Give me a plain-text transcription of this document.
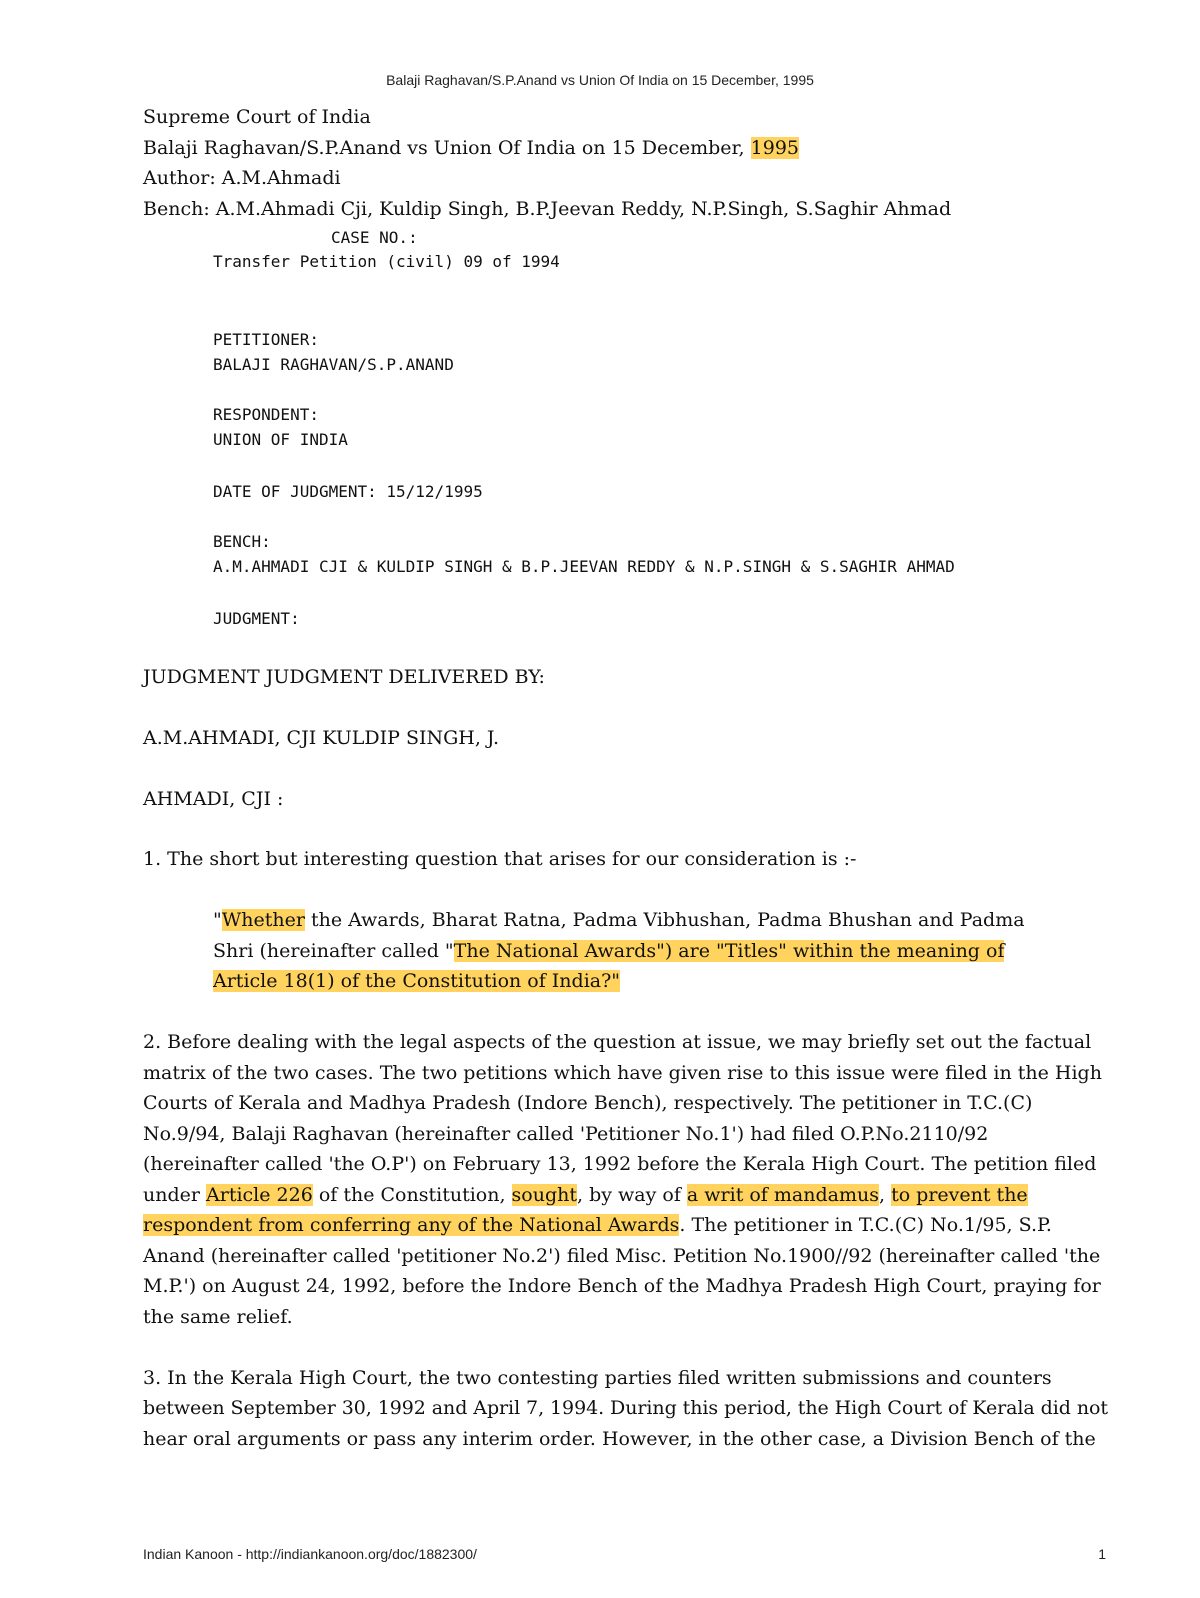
Balaji Raghavan/S.P.Anand vs Union Of India on 15 December, 1995
Supreme Court of India
Balaji Raghavan/S.P.Anand vs Union Of India on 15 December, 1995
Author: A.M.Ahmadi
Bench: A.M.Ahmadi Cji, Kuldip Singh, B.P.Jeevan Reddy, N.P.Singh, S.Saghir Ahmad
CASE NO.:
Transfer Petition (civil) 09 of 1994
PETITIONER:
BALAJI RAGHAVAN/S.P.ANAND
RESPONDENT:
UNION OF INDIA
DATE OF JUDGMENT: 15/12/1995
BENCH:
A.M.AHMADI CJI & KULDIP SINGH & B.P.JEEVAN REDDY & N.P.SINGH & S.SAGHIR AHMAD
JUDGMENT:
JUDGMENT JUDGMENT DELIVERED BY:
A.M.AHMADI, CJI KULDIP SINGH, J.
AHMADI, CJI :
1. The short but interesting question that arises for our consideration is :-
"Whether the Awards, Bharat Ratna, Padma Vibhushan, Padma Bhushan and Padma
Shri (hereinafter called "The National Awards") are "Titles" within the meaning of
Article 18(1) of the Constitution of India?"
2. Before dealing with the legal aspects of the question at issue, we may briefly set out the factual
matrix of the two cases. The two petitions which have given rise to this issue were filed in the High
Courts of Kerala and Madhya Pradesh (Indore Bench), respectively. The petitioner in T.C.(C)
No.9/94, Balaji Raghavan (hereinafter called 'Petitioner No.1') had filed O.P.No.2110/92
(hereinafter called 'the O.P') on February 13, 1992 before the Kerala High Court. The petition filed
under Article 226 of the Constitution, sought, by way of a writ of mandamus, to prevent the
respondent from conferring any of the National Awards. The petitioner in T.C.(C) No.1/95, S.P.
Anand (hereinafter called 'petitioner No.2') filed Misc. Petition No.1900//92 (hereinafter called 'the
M.P.') on August 24, 1992, before the Indore Bench of the Madhya Pradesh High Court, praying for
the same relief.
3. In the Kerala High Court, the two contesting parties filed written submissions and counters
between September 30, 1992 and April 7, 1994. During this period, the High Court of Kerala did not
hear oral arguments or pass any interim order. However, in the other case, a Division Bench of the
Indian Kanoon - http://indiankanoon.org/doc/1882300/	1
